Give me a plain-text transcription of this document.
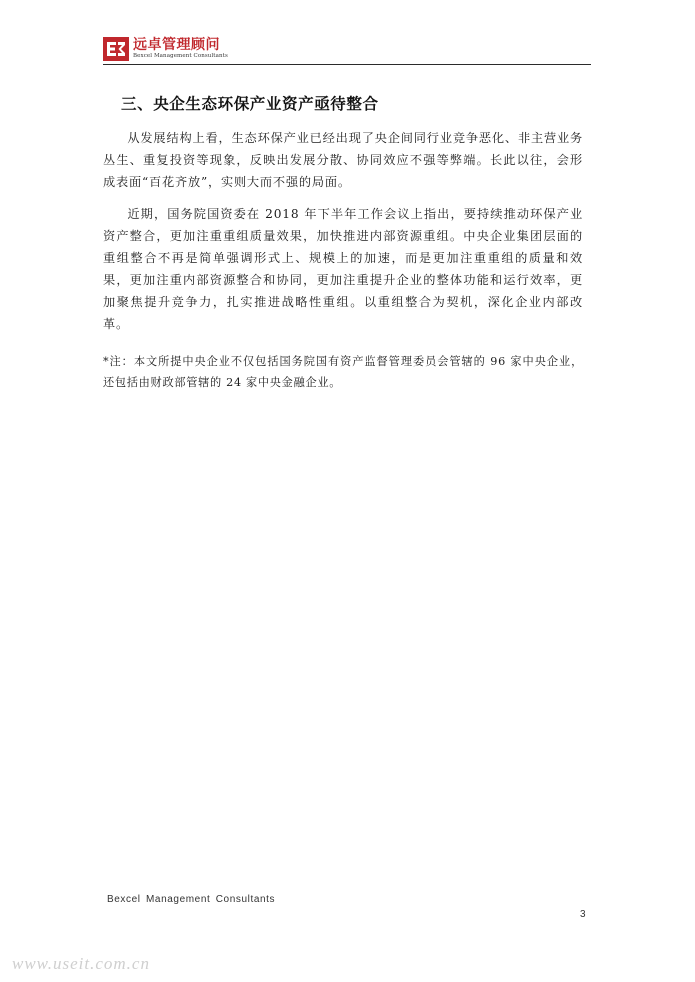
远卓管理顾问
Bexcel Management Consultants
三、央企生态环保产业资产亟待整合

从发展结构上看，生态环保产业已经出现了央企间同行业竞争恶化、非主营业务丛生、重复投资等现象，反映出发展分散、协同效应不强等弊端。长此以往，会形成表面“百花齐放”，实则大而不强的局面。

近期，国务院国资委在 2018 年下半年工作会议上指出，要持续推动环保产业资产整合，更加注重重组质量效果，加快推进内部资源重组。中央企业集团层面的重组整合不再是简单强调形式上、规模上的加速，而是更加注重重组的质量和效果，更加注重内部资源整合和协同，更加注重提升企业的整体功能和运行效率，更加聚焦提升竞争力，扎实推进战略性重组。以重组整合为契机，深化企业内部改革。

*注：本文所提中央企业不仅包括国务院国有资产监督管理委员会管辖的 96 家中央企业，还包括由财政部管辖的 24 家中央金融企业。

Bexcel Management Consultants
3
www.useit.com.cn
